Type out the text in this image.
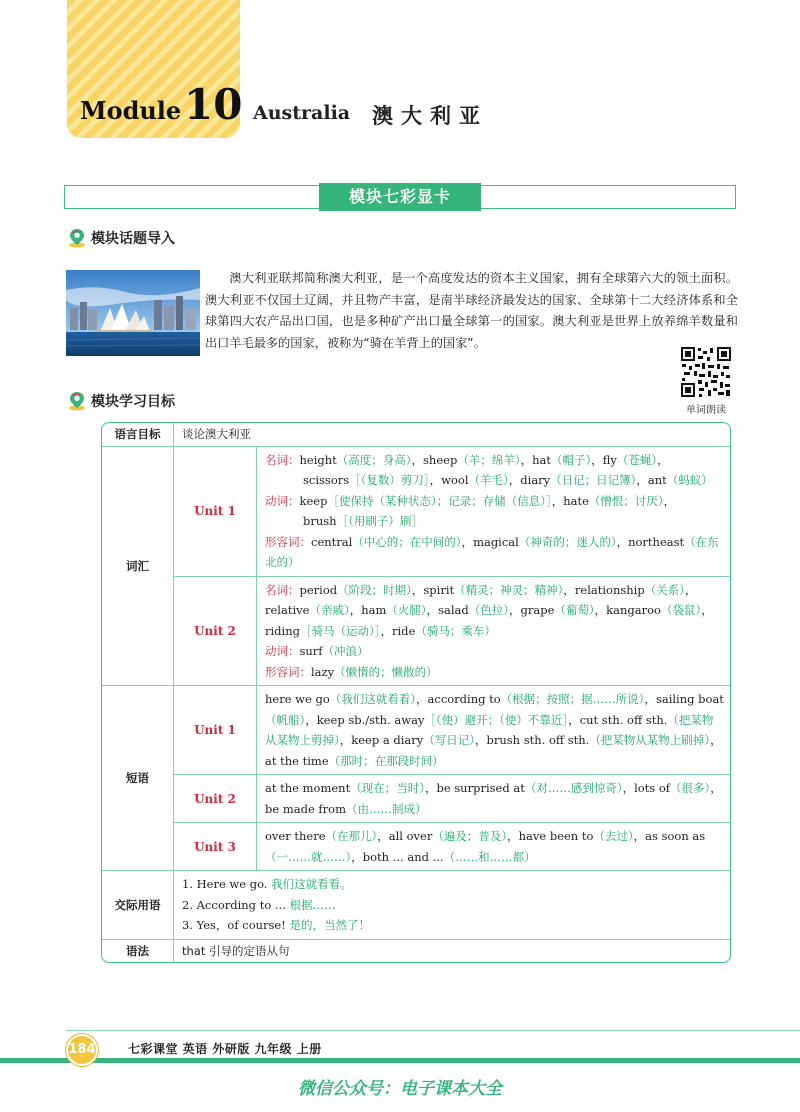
Module 10 Australia 澳大利亚
模块七彩显卡
模块话题导入

澳大利亚联邦简称澳大利亚，是一个高度发达的资本主义国家，拥有全球第六大的领土面积。澳大利亚不仅国土辽阔，并且物产丰富，是南半球经济最发达的国家、全球第十二大经济体系和全球第四大农产品出口国，也是多种矿产出口量全球第一的国家。澳大利亚是世界上放养绵羊数量和出口羊毛最多的国家，被称为“骑在羊背上的国家”。

单词朗读
模块学习目标
语言目标	谈论澳大利亚	
词汇	Unit 1	名词：height（高度；身高），sheep（羊；绵羊），hat（帽子），fly（苍蝇），
scissors［（复数）剪刀］，wool（羊毛），diary（日记；日记簿），ant（蚂蚁）
动词：keep［使保持（某种状态）；记录；存储（信息）］，hate（憎恨；讨厌），
brush［（用刷子）刷］
形容词：central（中心的；在中间的），magical（神奇的；迷人的），northeast（在东北的）

	Unit 2	名词：period（阶段；时期），spirit（精灵；神灵；精神），relationship（关系），relative（亲戚），ham（火腿），salad（色拉），grape（葡萄），kangaroo（袋鼠），riding［骑马（运动）］，ride（骑马；乘车）
动词：surf（冲浪）
形容词：lazy（懒惰的；懒散的）

短语	Unit 1	here we go（我们这就看看），according to（根据；按照；据……所说），sailing boat（帆船），keep sb./sth. away［（使）避开；（使）不靠近］，cut sth. off sth.（把某物从某物上剪掉），keep a diary（写日记），brush sth. off sth.（把某物从某物上刷掉），at the time（那时；在那段时间）
	Unit 2	at the moment（现在；当时），be surprised at（对……感到惊奇），lots of（很多），be made from（由……制成）
	Unit 3	over there（在那儿），all over（遍及；普及），have been to（去过），as soon as（一……就……），both ... and ...（……和……都）
交际用语	1. Here we go. 我们这就看看。
2. According to ... 根据……
3. Yes，of course! 是的，当然了！	

语法	that 引导的定语从句	
184	七彩课堂 英语 外研版 九年级 上册
微信公众号：电子课本大全
